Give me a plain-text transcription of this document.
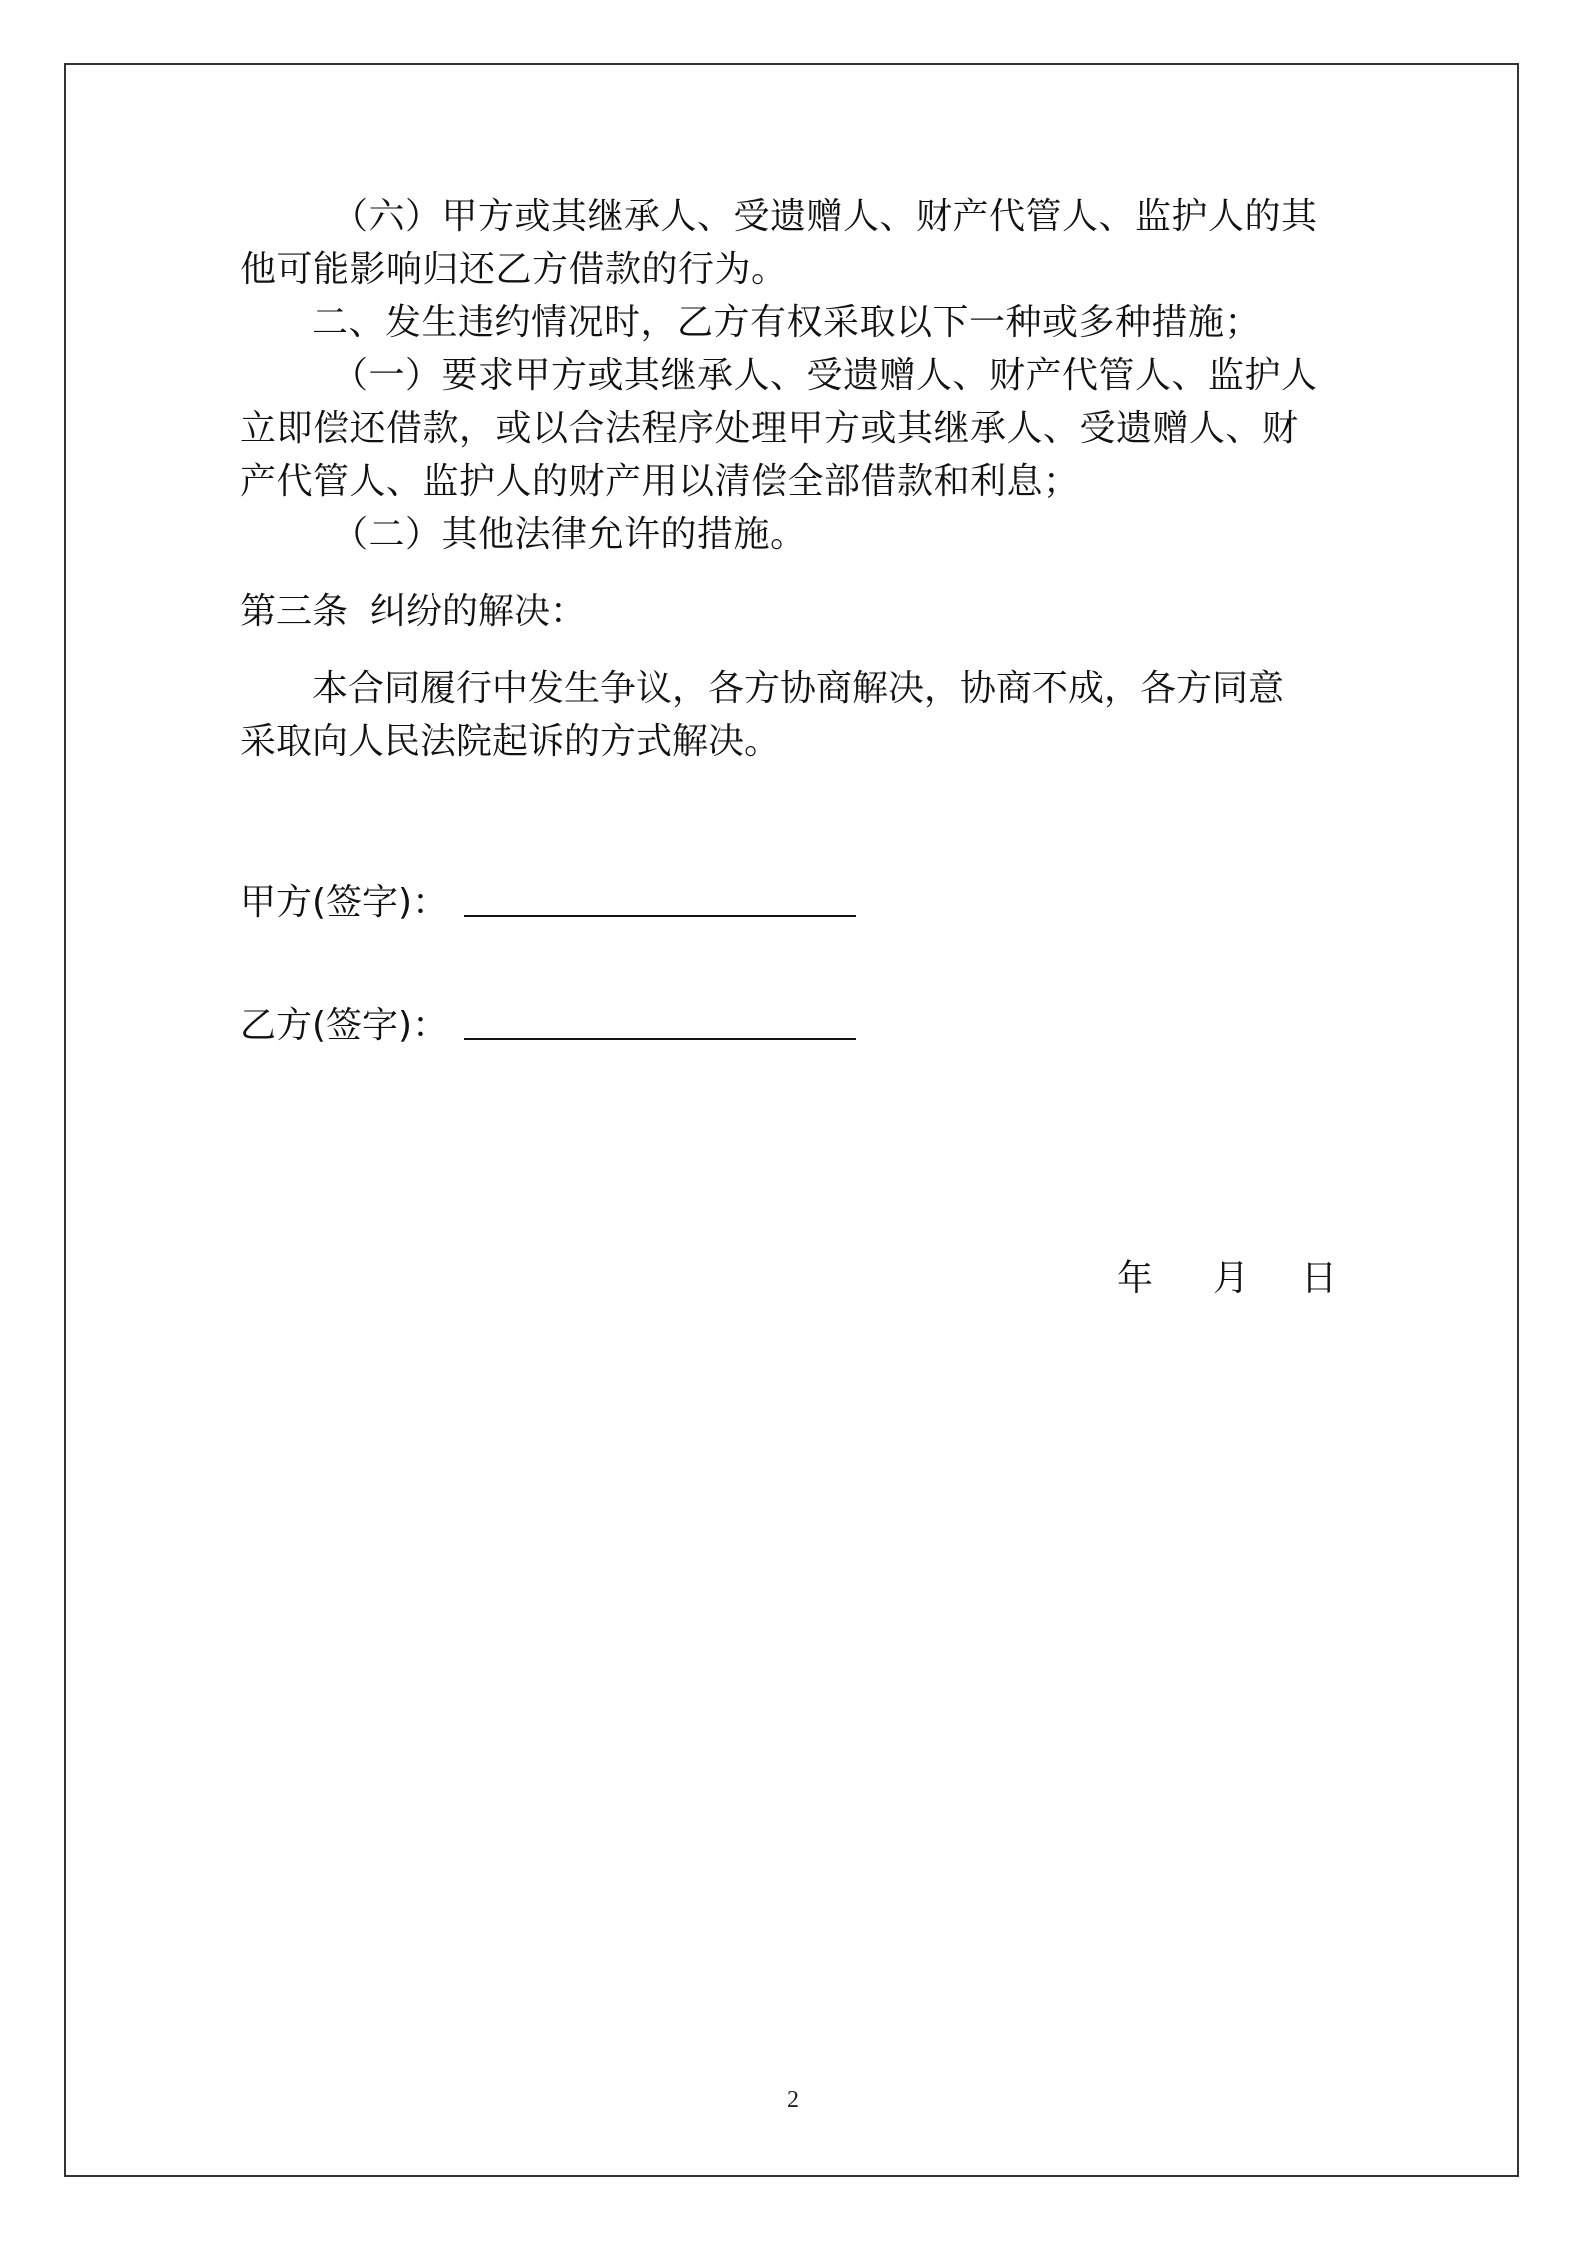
（六）甲方或其继承人、受遗赠人、财产代管人、监护人的其

他可能影响归还乙方借款的行为。

二、发生违约情况时，乙方有权采取以下一种或多种措施；

（一）要求甲方或其继承人、受遗赠人、财产代管人、监护人

立即偿还借款，或以合法程序处理甲方或其继承人、受遗赠人、财

产代管人、监护人的财产用以清偿全部借款和利息；

（二）其他法律允许的措施。

第三条 纠纷的解决：

本合同履行中发生争议，各方协商解决，协商不成，各方同意

采取向人民法院起诉的方式解决。

甲方(签字)：
乙方(签字)：
年 月 日
2
